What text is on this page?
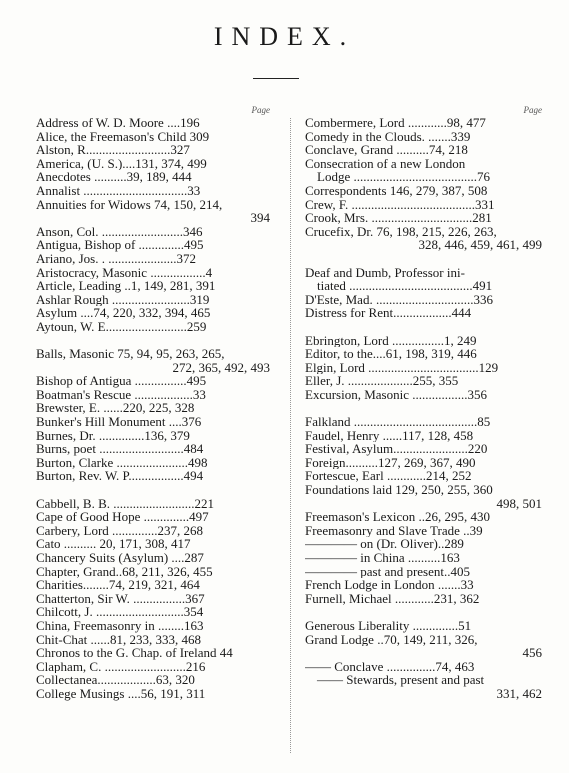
INDEX.
Page
Address of W. D. Moore ....196
Alice, the Freemason's Child 309
Alston, R..........................327
America, (U. S.)....131, 374, 499
Anecdotes ..........39, 189, 444
Annalist ................................33
Annuities for Widows 74, 150, 214,
394
Anson, Col. .........................346
Antigua, Bishop of ..............495
Ariano, Jos. . .....................372
Aristocracy, Masonic .................4
Article, Leading ..1, 149, 281, 391
Ashlar Rough ........................319
Asylum ....74, 220, 332, 394, 465
Aytoun, W. E.........................259
Balls, Masonic 75, 94, 95, 263, 265,
272, 365, 492, 493
Bishop of Antigua ................495
Boatman's Rescue ..................33
Brewster, E. ......220, 225, 328
Bunker's Hill Monument ....376
Burnes, Dr. ..............136, 379
Burns, poet ..........................484
Burton, Clarke ......................498
Burton, Rev. W. P.................494
Cabbell, B. B. .........................221
Cape of Good Hope ..............497
Carbery, Lord ..............237, 268
Cato .......... 20, 171, 308, 417
Chancery Suits (Asylum) ....287
Chapter, Grand..68, 211, 326, 455
Charities........74, 219, 321, 464
Chatterton, Sir W. ................367
Chilcott, J. ...........................354
China, Freemasonry in ........163
Chit-Chat ......81, 233, 333, 468
Chronos to the G. Chap. of Ireland 44
Clapham, C. .........................216
Collectanea..................63, 320
College Musings ....56, 191, 311
Page
Combermere, Lord ............98, 477
Comedy in the Clouds. .......339
Conclave, Grand ..........74, 218
Consecration of a new London
Lodge ......................................76
Correspondents 146, 279, 387, 508
Crew, F. ......................................331
Crook, Mrs. ...............................281
Crucefix, Dr. 76, 198, 215, 226, 263,
328, 446, 459, 461, 499
Deaf and Dumb, Professor ini-
tiated ......................................491
D'Este, Mad. ..............................336
Distress for Rent..................444
Ebrington, Lord ................1, 249
Editor, to the....61, 198, 319, 446
Elgin, Lord ..................................129
Eller, J. ....................255, 355
Excursion, Masonic .................356
Falkland ......................................85
Faudel, Henry ......117, 128, 458
Festival, Asylum.......................220
Foreign..........127, 269, 367, 490
Fortescue, Earl ............214, 252
Foundations laid 129, 250, 255, 360
498, 501
Freemason's Lexicon ..26, 295, 430
Freemasonry and Slave Trade ..39
———— on (Dr. Oliver)..289
———— in China ..........163
———— past and present..405
French Lodge in London .......33
Furnell, Michael ............231, 362
Generous Liberality ..............51
Grand Lodge ..70, 149, 211, 326,
456
—— Conclave ...............74, 463
—— Stewards, present and past
331, 462
